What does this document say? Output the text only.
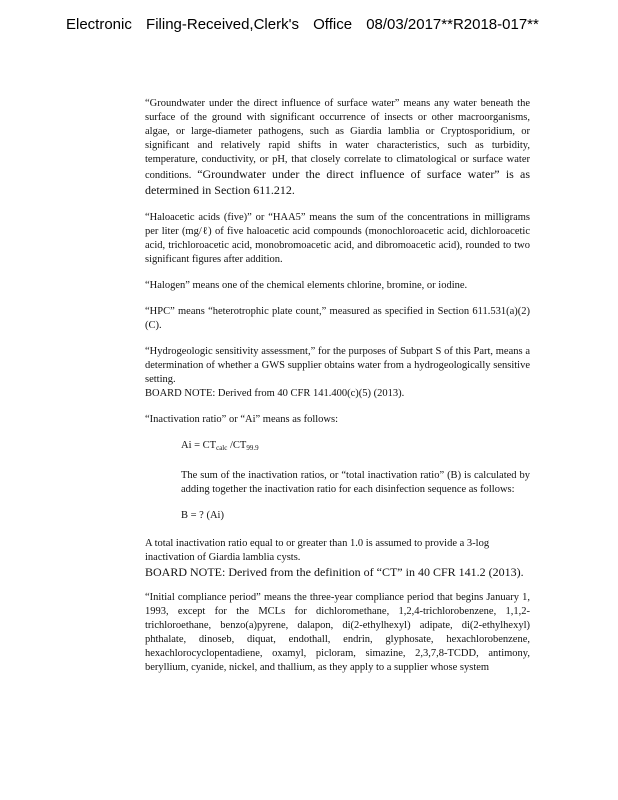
Electronic Filing-Received,Clerk's Office 08/03/2017**R2018-017**

“Groundwater under the direct influence of surface water” means any water beneath the surface of the ground with significant occurrence of insects or other macroorganisms, algae, or large-diameter pathogens, such as Giardia lamblia or Cryptosporidium, or significant and relatively rapid shifts in water characteristics, such as turbidity, temperature, conductivity, or pH, that closely correlate to climatological or surface water conditions. “Groundwater under the direct influence of surface water” is as determined in Section 611.212.

“Haloacetic acids (five)” or “HAA5” means the sum of the concentrations in milligrams per liter (mg/ℓ) of five haloacetic acid compounds (monochloroacetic acid, dichloroacetic acid, trichloroacetic acid, monobromoacetic acid, and dibromoacetic acid), rounded to two significant figures after addition.

“Halogen” means one of the chemical elements chlorine, bromine, or iodine.

“HPC” means “heterotrophic plate count,” measured as specified in Section 611.531(a)(2)(C).

“Hydrogeologic sensitivity assessment,” for the purposes of Subpart S of this Part, means a determination of whether a GWS supplier obtains water from a hydrogeologically sensitive setting.

BOARD NOTE: Derived from 40 CFR 141.400(c)(5) (2013).

“Inactivation ratio” or “Ai” means as follows:

$Ai = CT_{calc}$ $/CT_{99.9}$

The sum of the inactivation ratios, or “total inactivation ratio” (B) is calculated by adding together the inactivation ratio for each disinfection sequence as follows:

B = ? (Ai)

A total inactivation ratio equal to or greater than 1.0 is assumed to provide a 3-log inactivation of Giardia lamblia cysts.

BOARD NOTE: Derived from the definition of “CT” in 40 CFR 141.2 (2013).

“Initial compliance period” means the three-year compliance period that begins January 1, 1993, except for the MCLs for dichloromethane, 1,2,4-trichlorobenzene, 1,1,2-trichloroethane, benzo(a)pyrene, dalapon, di(2-ethylhexyl) adipate, di(2-ethylhexyl) phthalate, dinoseb, diquat, endothall, endrin, glyphosate, hexachlorobenzene, hexachlorocyclopentadiene, oxamyl, picloram, simazine, 2,3,7,8-TCDD, antimony, beryllium, cyanide, nickel, and thallium, as they apply to a supplier whose system
